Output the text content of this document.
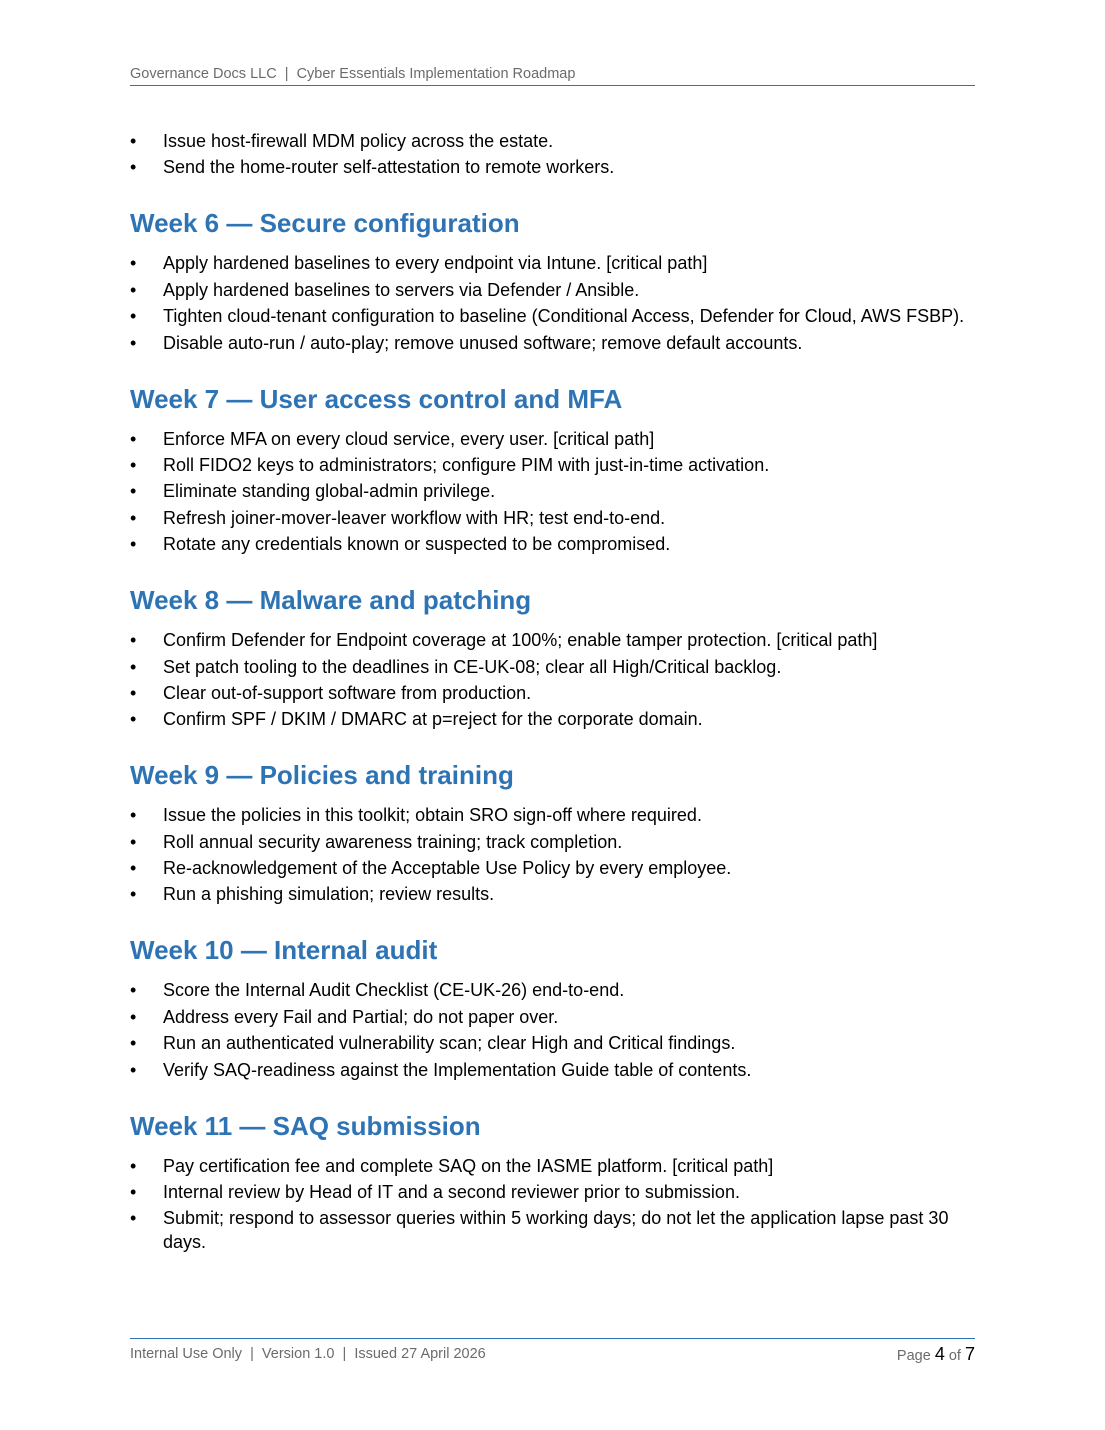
Governance Docs LLC  |  Cyber Essentials Implementation Roadmap
• Issue host-firewall MDM policy across the estate.
• Send the home-router self-attestation to remote workers.
Week 6 — Secure configuration
• Apply hardened baselines to every endpoint via Intune. [critical path]
• Apply hardened baselines to servers via Defender / Ansible.
• Tighten cloud-tenant configuration to baseline (Conditional Access, Defender for Cloud, AWS FSBP).
• Disable auto-run / auto-play; remove unused software; remove default accounts.
Week 7 — User access control and MFA
• Enforce MFA on every cloud service, every user. [critical path]
• Roll FIDO2 keys to administrators; configure PIM with just-in-time activation.
• Eliminate standing global-admin privilege.
• Refresh joiner-mover-leaver workflow with HR; test end-to-end.
• Rotate any credentials known or suspected to be compromised.
Week 8 — Malware and patching
• Confirm Defender for Endpoint coverage at 100%; enable tamper protection. [critical path]
• Set patch tooling to the deadlines in CE-UK-08; clear all High/Critical backlog.
• Clear out-of-support software from production.
• Confirm SPF / DKIM / DMARC at p=reject for the corporate domain.
Week 9 — Policies and training
• Issue the policies in this toolkit; obtain SRO sign-off where required.
• Roll annual security awareness training; track completion.
• Re-acknowledgement of the Acceptable Use Policy by every employee.
• Run a phishing simulation; review results.
Week 10 — Internal audit
• Score the Internal Audit Checklist (CE-UK-26) end-to-end.
• Address every Fail and Partial; do not paper over.
• Run an authenticated vulnerability scan; clear High and Critical findings.
• Verify SAQ-readiness against the Implementation Guide table of contents.
Week 11 — SAQ submission
• Pay certification fee and complete SAQ on the IASME platform. [critical path]
• Internal review by Head of IT and a second reviewer prior to submission.
• Submit; respond to assessor queries within 5 working days; do not let the application lapse past 30 days.
Internal Use Only  |  Version 1.0  |  Issued 27 April 2026	Page 4 of 7
